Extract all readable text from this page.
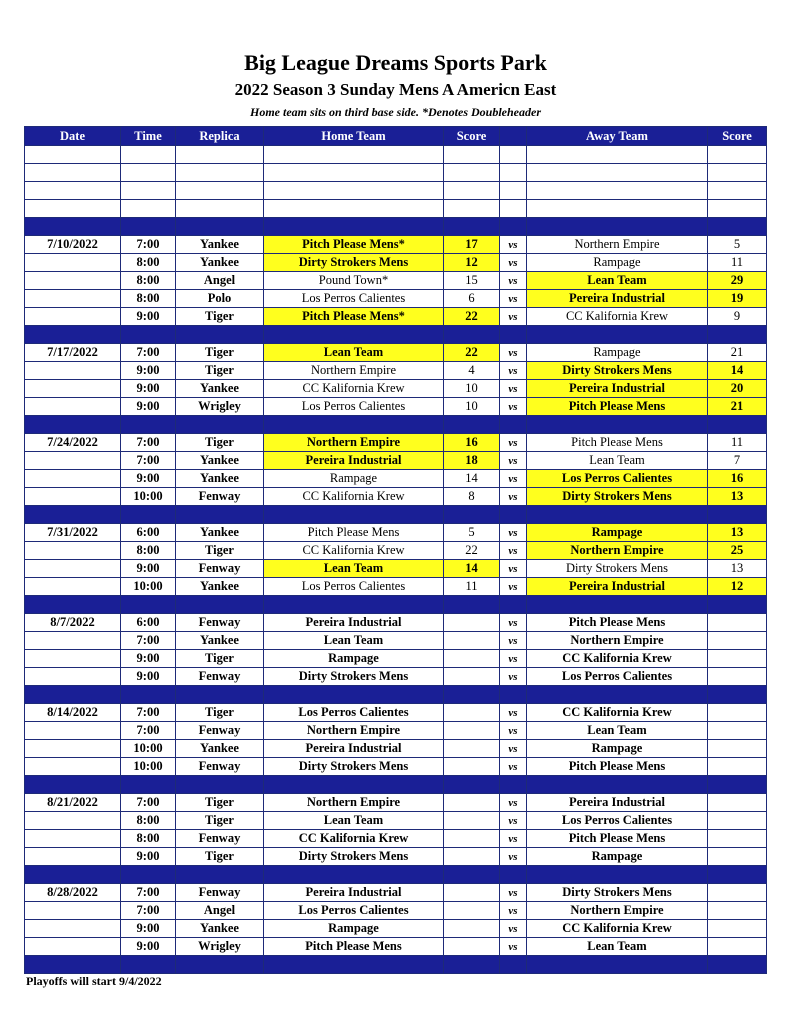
Big League Dreams Sports Park
2022 Season 3 Sunday Mens A Americn East
Home team sits on third base side. *Denotes Doubleheader
Date	Time	Replica	Home Team	Score		Away Team	Score

7/10/2022	7:00	Yankee	Pitch Please Mens*	17	vs	Northern Empire	5
	8:00	Yankee	Dirty Strokers Mens	12	vs	Rampage	11
	8:00	Angel	Pound Town*	15	vs	Lean Team	29
	8:00	Polo	Los Perros Calientes	6	vs	Pereira Industrial	19
	9:00	Tiger	Pitch Please Mens*	22	vs	CC Kalifornia Krew	9

7/17/2022	7:00	Tiger	Lean Team	22	vs	Rampage	21
	9:00	Tiger	Northern Empire	4	vs	Dirty Strokers Mens	14
	9:00	Yankee	CC Kalifornia Krew	10	vs	Pereira Industrial	20
	9:00	Wrigley	Los Perros Calientes	10	vs	Pitch Please Mens	21

7/24/2022	7:00	Tiger	Northern Empire	16	vs	Pitch Please Mens	11
	7:00	Yankee	Pereira Industrial	18	vs	Lean Team	7
	9:00	Yankee	Rampage	14	vs	Los Perros Calientes	16
	10:00	Fenway	CC Kalifornia Krew	8	vs	Dirty Strokers Mens	13

7/31/2022	6:00	Yankee	Pitch Please Mens	5	vs	Rampage	13
	8:00	Tiger	CC Kalifornia Krew	22	vs	Northern Empire	25
	9:00	Fenway	Lean Team	14	vs	Dirty Strokers Mens	13
	10:00	Yankee	Los Perros Calientes	11	vs	Pereira Industrial	12

8/7/2022	6:00	Fenway	Pereira Industrial		vs	Pitch Please Mens	
	7:00	Yankee	Lean Team		vs	Northern Empire	
	9:00	Tiger	Rampage		vs	CC Kalifornia Krew	
	9:00	Fenway	Dirty Strokers Mens		vs	Los Perros Calientes	

8/14/2022	7:00	Tiger	Los Perros Calientes		vs	CC Kalifornia Krew	
	7:00	Fenway	Northern Empire		vs	Lean Team	
	10:00	Yankee	Pereira Industrial		vs	Rampage	
	10:00	Fenway	Dirty Strokers Mens		vs	Pitch Please Mens	

8/21/2022	7:00	Tiger	Northern Empire		vs	Pereira Industrial	
	8:00	Tiger	Lean Team		vs	Los Perros Calientes	
	8:00	Fenway	CC Kalifornia Krew		vs	Pitch Please Mens	
	9:00	Tiger	Dirty Strokers Mens		vs	Rampage	

8/28/2022	7:00	Fenway	Pereira Industrial		vs	Dirty Strokers Mens	
	7:00	Angel	Los Perros Calientes		vs	Northern Empire	
	9:00	Yankee	Rampage		vs	CC Kalifornia Krew	
	9:00	Wrigley	Pitch Please Mens		vs	Lean Team	

Playoffs will start 9/4/2022
